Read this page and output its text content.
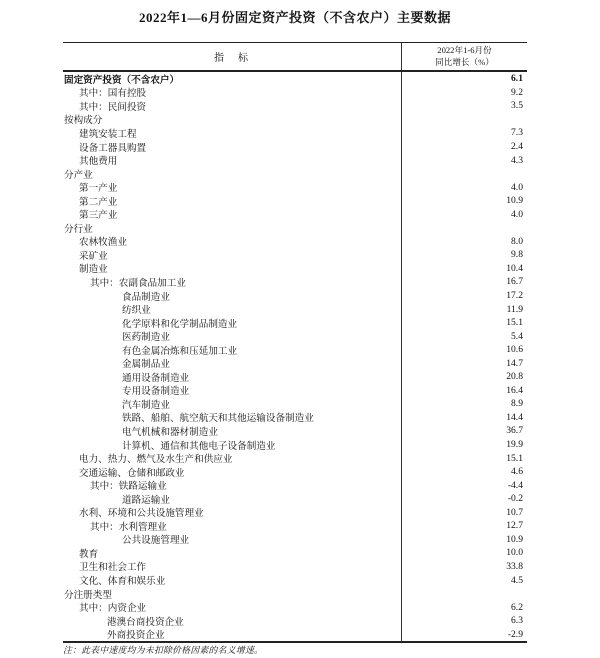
2022年1—6月份固定资产投资（不含农户）主要数据
指　标
2022年1-6月份
同比增长（%）
固定资产投资（不含农户）	6.1
其中：国有控股	9.2
其中：民间投资	3.5
按构成分
建筑安装工程	7.3
设备工器具购置	2.4
其他费用	4.3
分产业
第一产业	4.0
第二产业	10.9
第三产业	4.0
分行业
农林牧渔业	8.0
采矿业	9.8
制造业	10.4
其中：农副食品加工业	16.7
食品制造业	17.2
纺织业	11.9
化学原料和化学制品制造业	15.1
医药制造业	5.4
有色金属冶炼和压延加工业	10.6
金属制品业	14.7
通用设备制造业	20.8
专用设备制造业	16.4
汽车制造业	8.9
铁路、船舶、航空航天和其他运输设备制造业	14.4
电气机械和器材制造业	36.7
计算机、通信和其他电子设备制造业	19.9
电力、热力、燃气及水生产和供应业	15.1
交通运输、仓储和邮政业	4.6
其中：铁路运输业	-4.4
道路运输业	-0.2
水利、环境和公共设施管理业	10.7
其中：水利管理业	12.7
公共设施管理业	10.9
教育	10.0
卫生和社会工作	33.8
文化、体育和娱乐业	4.5
分注册类型
其中：内资企业	6.2
港澳台商投资企业	6.3
外商投资企业	-2.9
注：此表中速度均为未扣除价格因素的名义增速。
